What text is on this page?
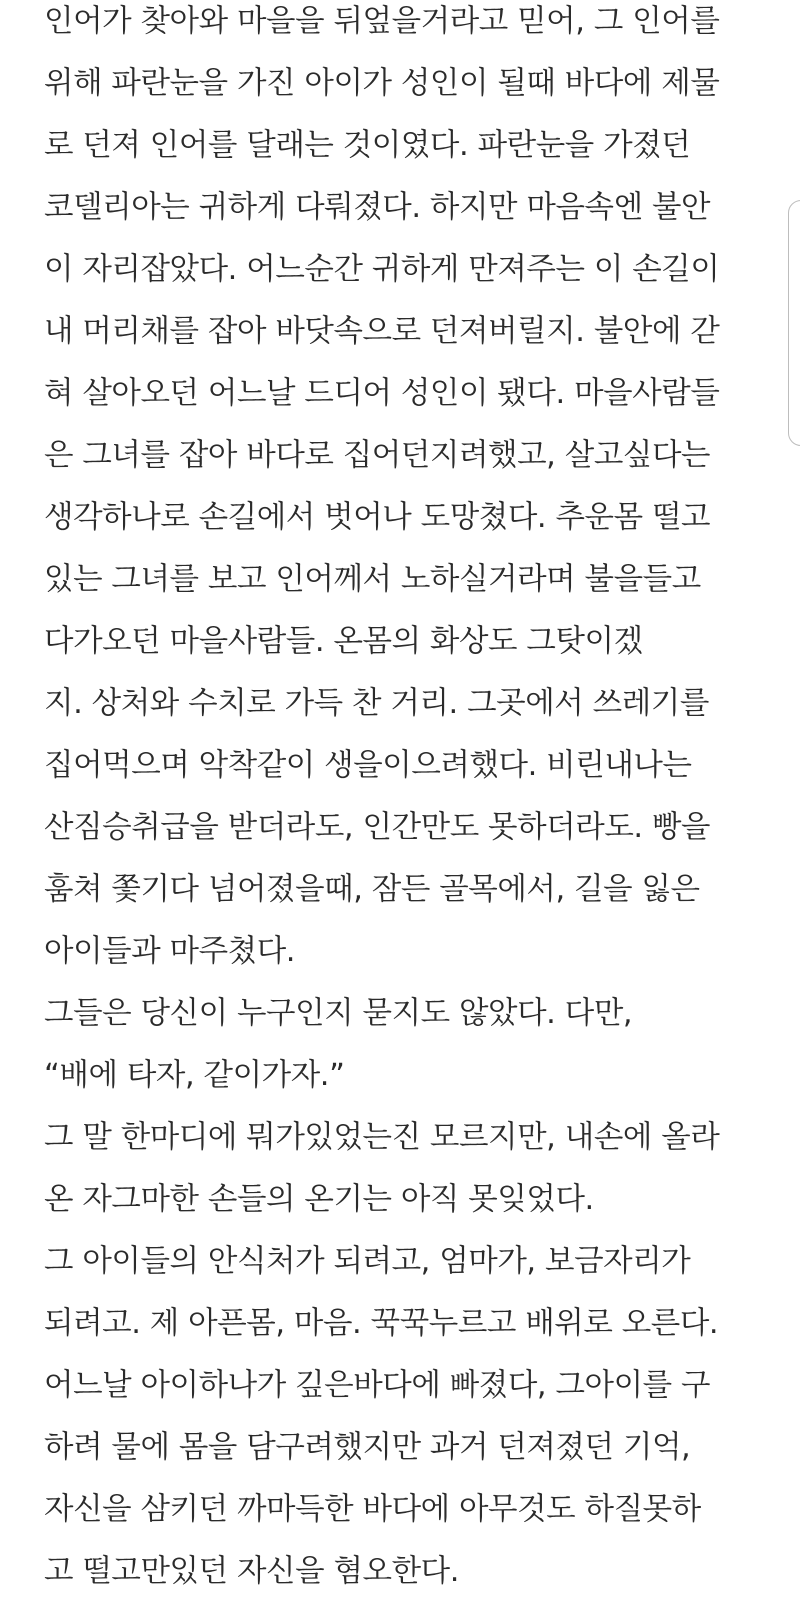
인어가 찾아와 마을을 뒤엎을거라고 믿어, 그 인어를
위해 파란눈을 가진 아이가 성인이 될때 바다에 제물
로 던져 인어를 달래는 것이였다. 파란눈을 가졌던
코델리아는 귀하게 다뤄졌다. 하지만 마음속엔 불안
이 자리잡았다. 어느순간 귀하게 만져주는 이 손길이
내 머리채를 잡아 바닷속으로 던져버릴지. 불안에 갇
혀 살아오던 어느날 드디어 성인이 됐다. 마을사람들
은 그녀를 잡아 바다로 집어던지려했고, 살고싶다는
생각하나로 손길에서 벗어나 도망쳤다. 추운몸 떨고
있는 그녀를 보고 인어께서 노하실거라며 불을들고
다가오던 마을사람들. 온몸의 화상도 그탓이겠
지. 상처와 수치로 가득 찬 거리. 그곳에서 쓰레기를
집어먹으며 악착같이 생을이으려했다. 비린내나는
산짐승취급을 받더라도, 인간만도 못하더라도. 빵을
훔쳐 쫓기다 넘어졌을때, 잠든 골목에서, 길을 잃은
아이들과 마주쳤다.
그들은 당신이 누구인지 묻지도 않았다. 다만,
“배에 타자, 같이가자.”
그 말 한마디에 뭐가있었는진 모르지만, 내손에 올라
온 자그마한 손들의 온기는 아직 못잊었다.
그 아이들의 안식처가 되려고, 엄마가, 보금자리가
되려고. 제 아픈몸, 마음. 꾹꾹누르고 배위로 오른다.
어느날 아이하나가 깊은바다에 빠졌다, 그아이를 구
하려 물에 몸을 담구려했지만 과거 던져졌던 기억,
자신을 삼키던 까마득한 바다에 아무것도 하질못하
고 떨고만있던 자신을 혐오한다.
